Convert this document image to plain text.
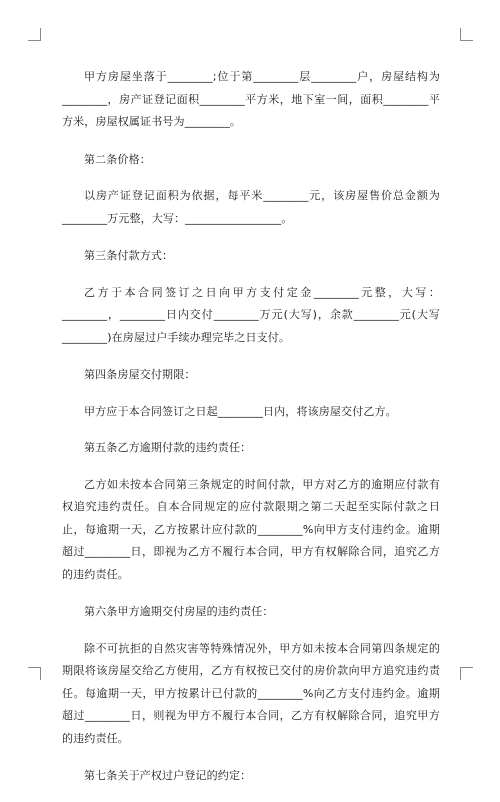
甲方房屋坐落于________;位于第________层________户，房屋结构为________，房产证登记面积________平方米，地下室一间，面积________平方米，房屋权属证书号为________。

第二条价格：

以房产证登记面积为依据，每平米________元，该房屋售价总金额为________万元整，大写：_________________。

第三条付款方式：

乙方于本合同签订之日向甲方支付定金________元整，大写：________，________日内交付________万元(大写)，余款________元(大写________)在房屋过户手续办理完毕之日支付。

第四条房屋交付期限：

甲方应于本合同签订之日起________日内，将该房屋交付乙方。

第五条乙方逾期付款的违约责任：

乙方如未按本合同第三条规定的时间付款，甲方对乙方的逾期应付款有权追究违约责任。自本合同规定的应付款限期之第二天起至实际付款之日止，每逾期一天，乙方按累计应付款的________%向甲方支付违约金。逾期超过________日，即视为乙方不履行本合同，甲方有权解除合同，追究乙方的违约责任。

第六条甲方逾期交付房屋的违约责任：

除不可抗拒的自然灾害等特殊情况外，甲方如未按本合同第四条规定的期限将该房屋交给乙方使用，乙方有权按已交付的房价款向甲方追究违约责任。每逾期一天，甲方按累计已付款的________%向乙方支付违约金。逾期超过________日，则视为甲方不履行本合同，乙方有权解除合同，追究甲方的违约责任。

第七条关于产权过户登记的约定：
